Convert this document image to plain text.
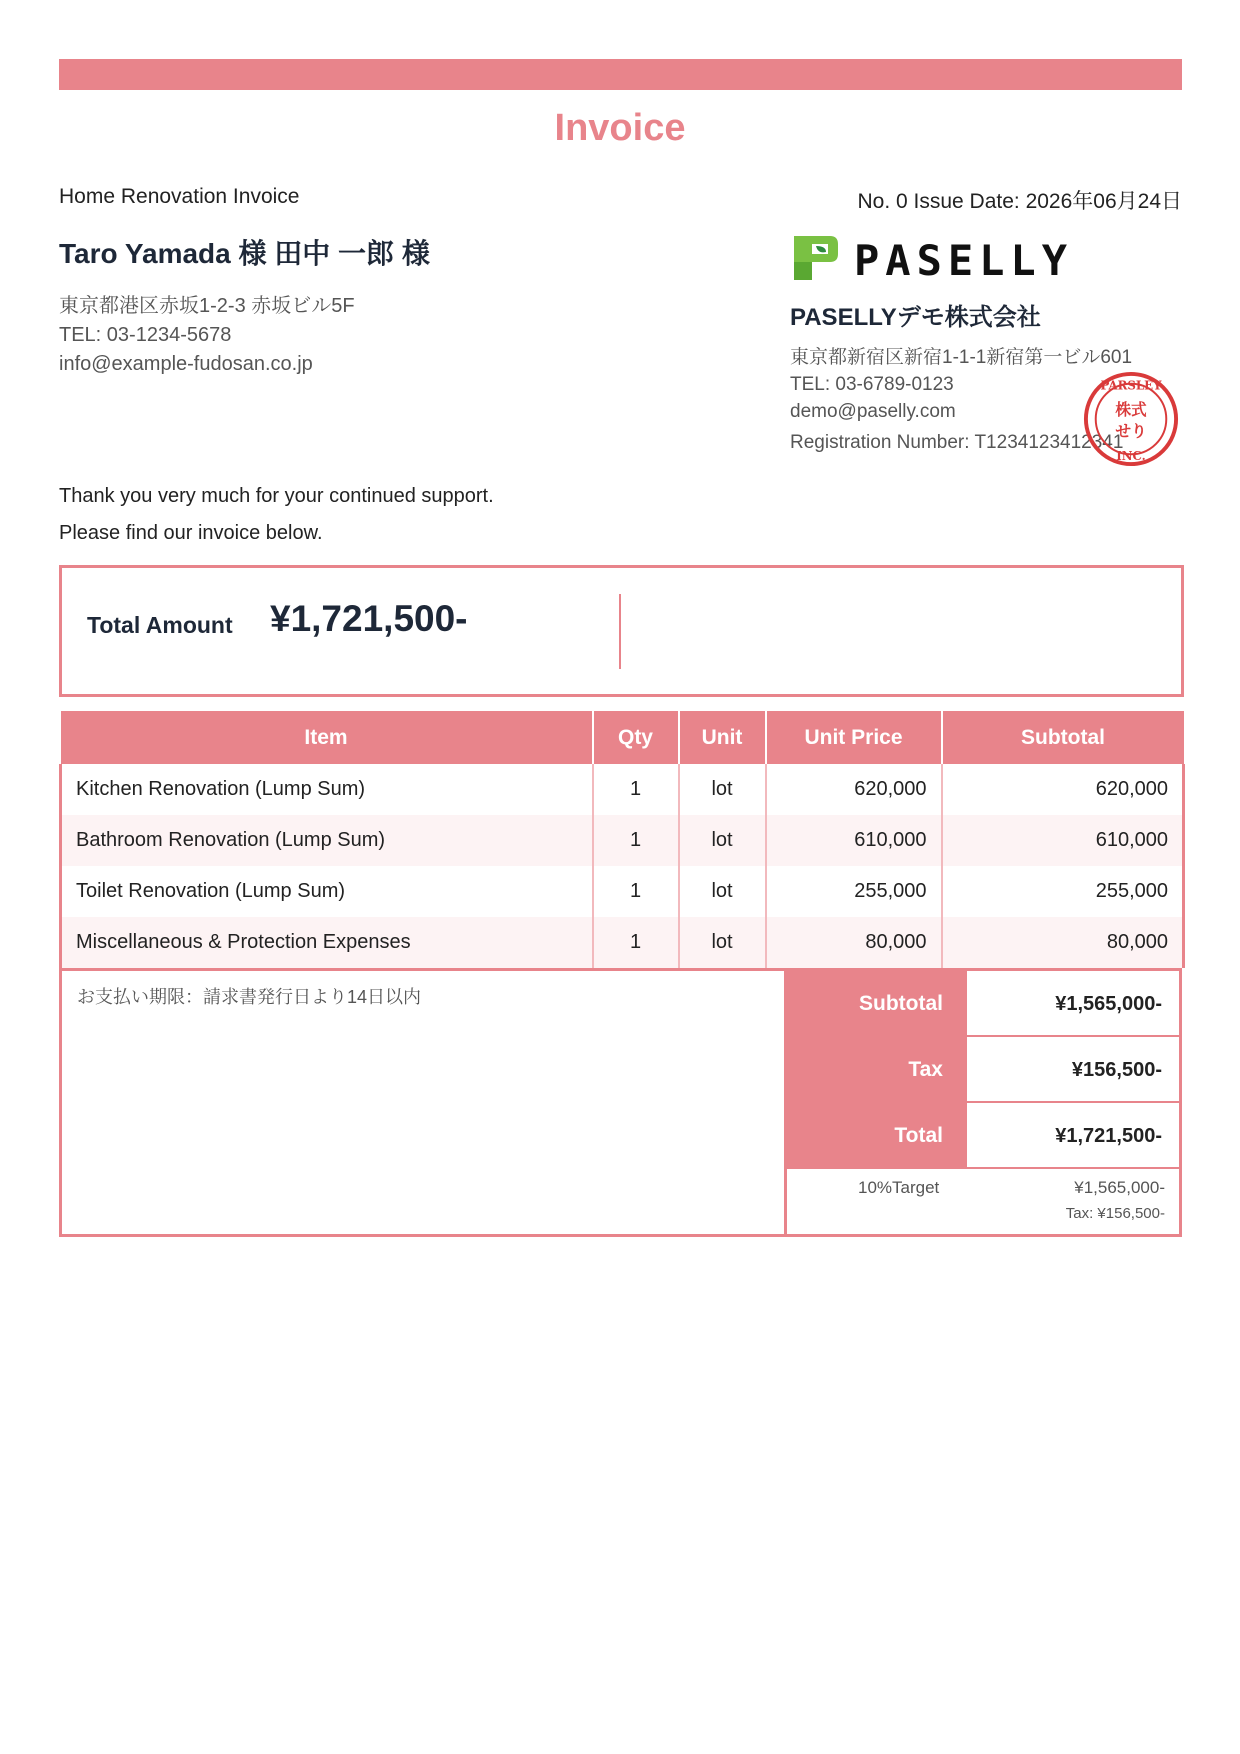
Invoice
Home Renovation Invoice	No. 0 Issue Date: 2026年06月24日
Taro Yamada 様 田中 一郎 様
東京都港区赤坂1-2-3 赤坂ビル5F
TEL: 03-1234-5678
info@example-fudosan.co.jp
PASELLY
PASELLYデモ株式会社
東京都新宿区新宿1-1-1新宿第一ビル601
TEL: 03-6789-0123
demo@paselly.com
Registration Number: T1234123412341
PARSLEY
INC.
株式
せり
Thank you very much for your continued support.
Please find our invoice below.
Total Amount ¥1,721,500-
Item	Qty	Unit	Unit Price	Subtotal
Kitchen Renovation (Lump Sum)	1	lot	620,000	620,000
Bathroom Renovation (Lump Sum)	1	lot	610,000	610,000
Toilet Renovation (Lump Sum)	1	lot	255,000	255,000
Miscellaneous & Protection Expenses	1	lot	80,000	80,000
お支払い期限：請求書発行日より14日以内	Subtotal	¥1,565,000-
Tax	¥156,500-
Total	¥1,721,500-
10%Target	¥1,565,000-
Tax: ¥156,500-
